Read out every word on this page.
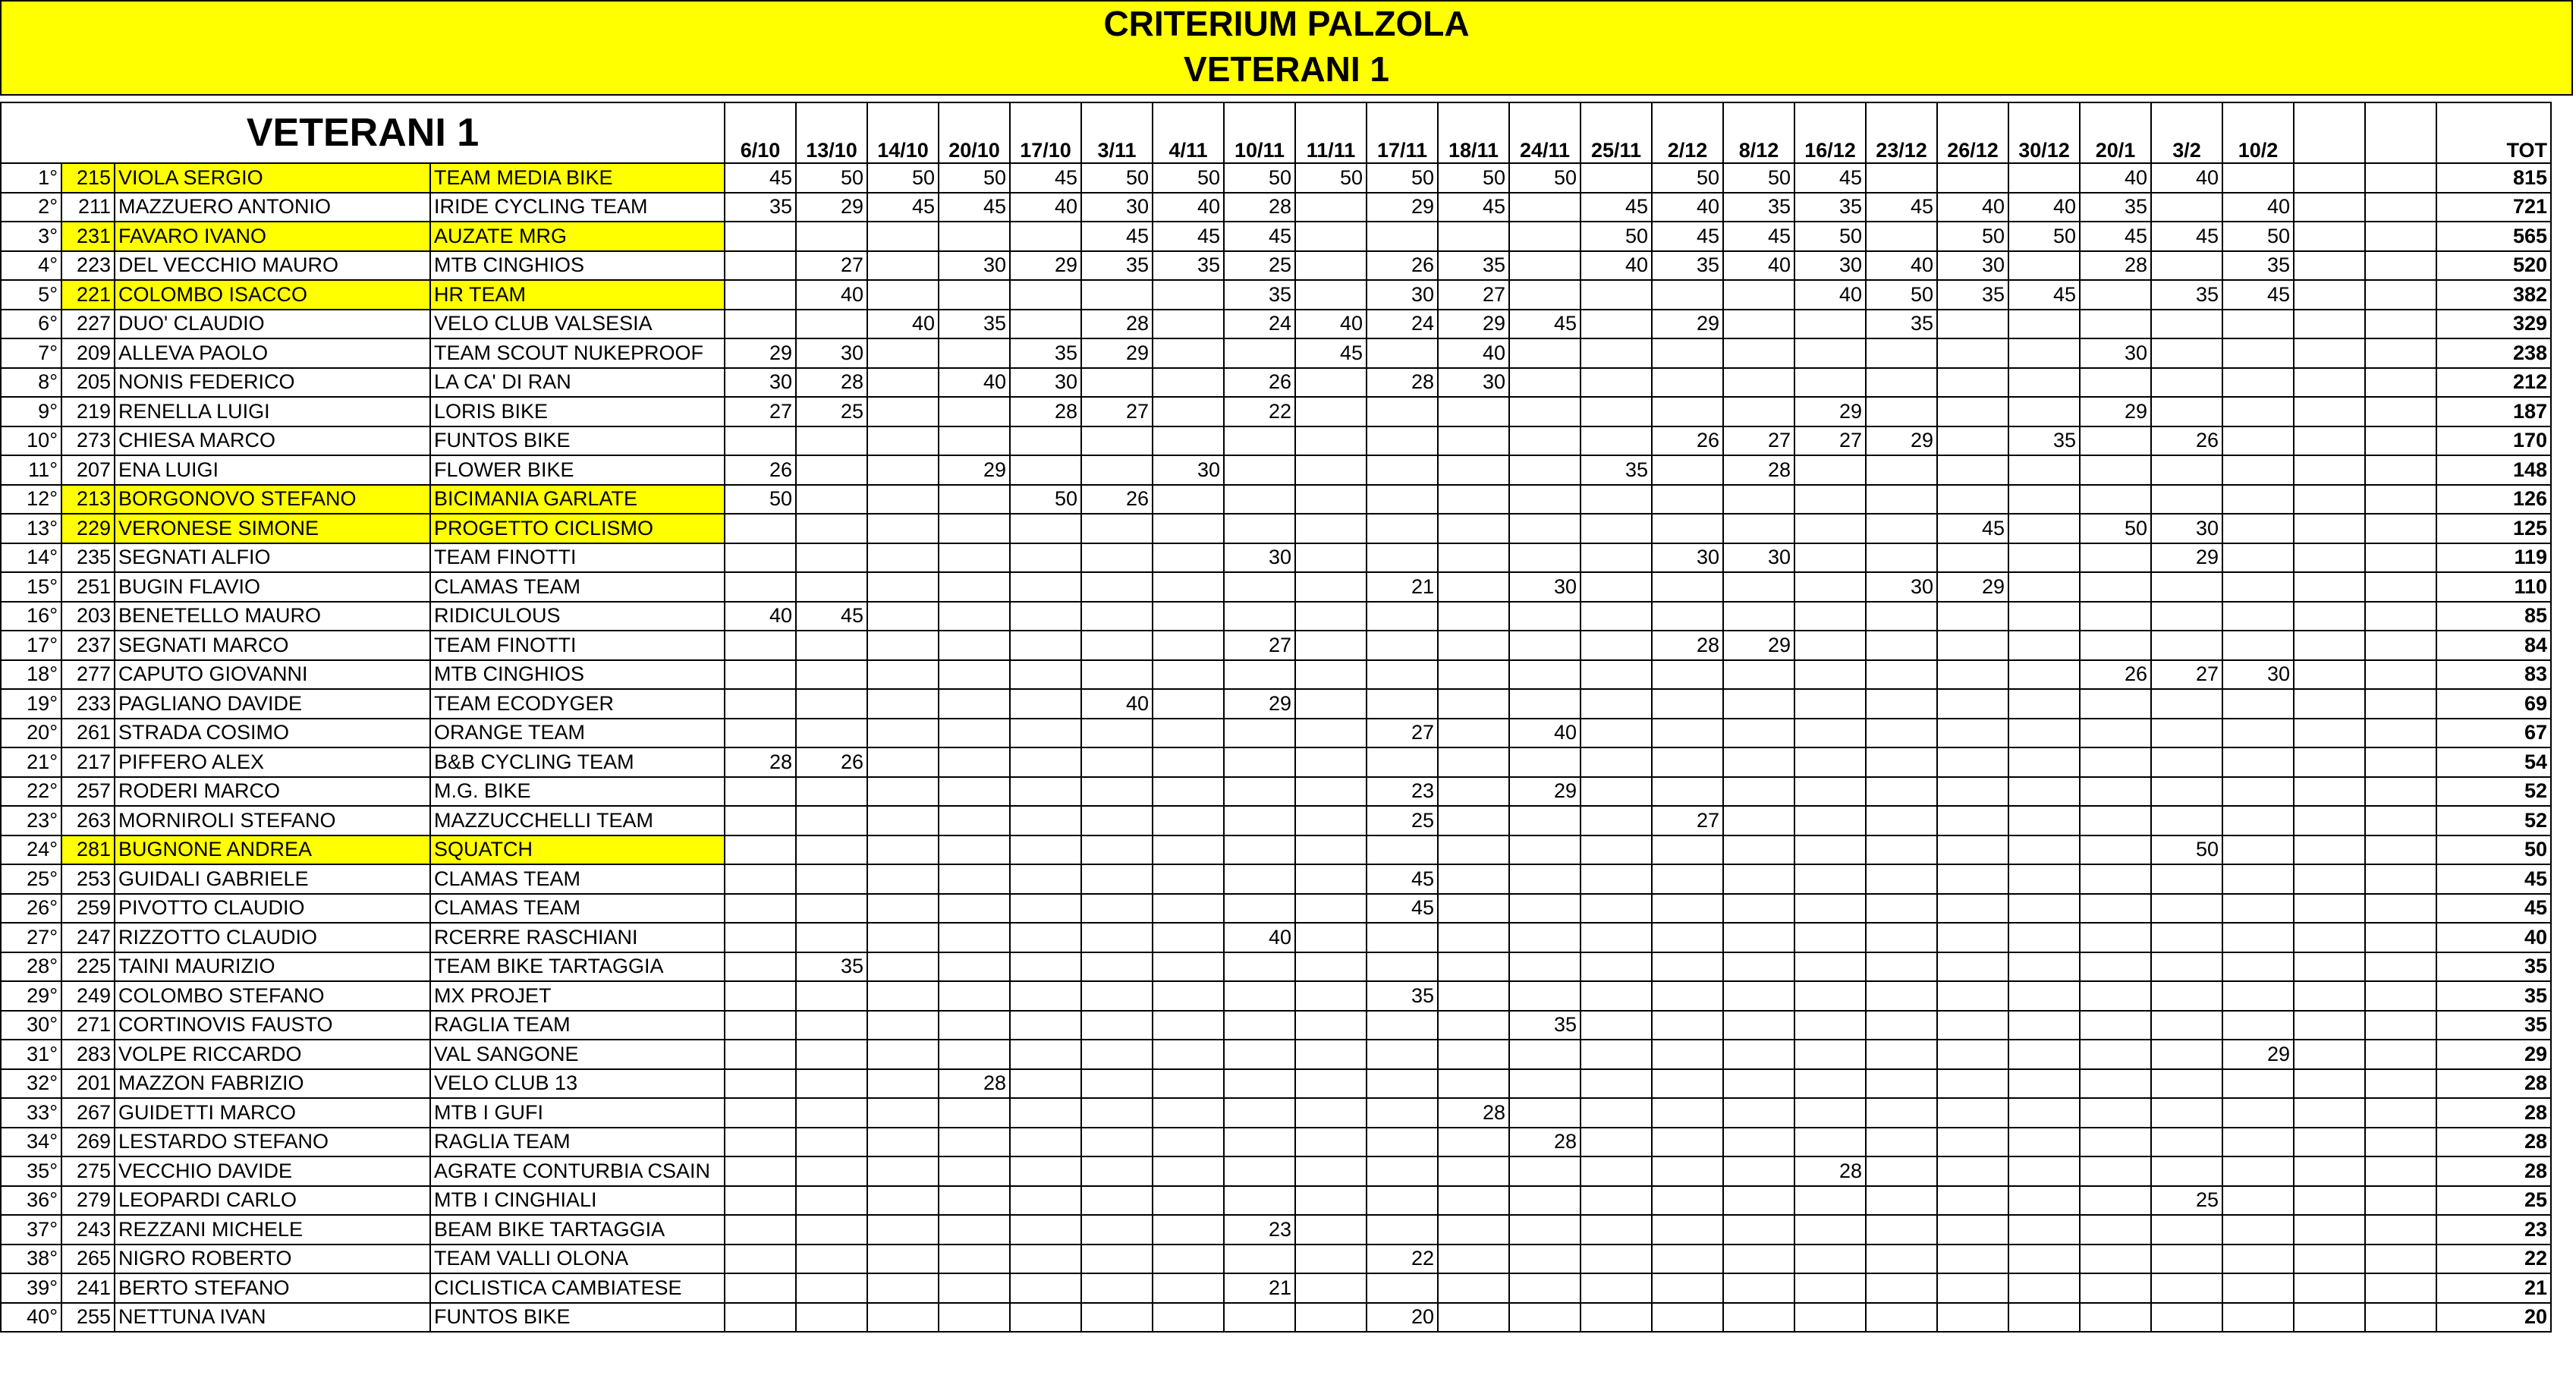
CRITERIUM PALZOLA
VETERANI 1
VETERANI 1				6/10	13/10	14/10	20/10	17/10	3/11	4/11	10/11	11/11	17/11	18/11	24/11	25/11	2/12	8/12	16/12	23/12	26/12	30/12	20/1	3/2	10/2			TOT
1°	215	VIOLA SERGIO	TEAM MEDIA BIKE	45	50	50	50	45	50	50	50	50	50	50	50		50	50	45				40	40				815
2°	211	MAZZUERO ANTONIO	IRIDE CYCLING TEAM	35	29	45	45	40	30	40	28		29	45		45	40	35	35	45	40	40	35		40			721
3°	231	FAVARO IVANO	AUZATE MRG						45	45	45					50	45	45	50		50	50	45	45	50			565
4°	223	DEL VECCHIO MAURO	MTB CINGHIOS		27		30	29	35	35	25		26	35		40	35	40	30	40	30		28		35			520
5°	221	COLOMBO ISACCO	HR TEAM		40						35		30	27					40	50	35	45		35	45			382
6°	227	DUO' CLAUDIO	VELO CLUB VALSESIA			40	35		28		24	40	24	29	45		29			35								329
7°	209	ALLEVA PAOLO	TEAM SCOUT NUKEPROOF	29	30			35	29			45		40									30					238
8°	205	NONIS FEDERICO	LA CA' DI RAN	30	28		40	30			26		28	30														212
9°	219	RENELLA LUIGI	LORIS BIKE	27	25			28	27		22								29				29					187
10°	273	CHIESA MARCO	FUNTOS BIKE														26	27	27	29		35		26				170
11°	207	ENA LUIGI	FLOWER BIKE	26			29			30						35		28										148
12°	213	BORGONOVO STEFANO	BICIMANIA GARLATE	50				50	26																			126
13°	229	VERONESE SIMONE	PROGETTO CICLISMO																		45		50	30				125
14°	235	SEGNATI ALFIO	TEAM FINOTTI								30						30	30						29				119
15°	251	BUGIN FLAVIO	CLAMAS TEAM										21		30					30	29							110
16°	203	BENETELLO MAURO	RIDICULOUS	40	45																							85
17°	237	SEGNATI MARCO	TEAM FINOTTI								27						28	29										84
18°	277	CAPUTO GIOVANNI	MTB CINGHIOS																				26	27	30			83
19°	233	PAGLIANO DAVIDE	TEAM ECODYGER						40		29																	69
20°	261	STRADA COSIMO	ORANGE TEAM										27		40													67
21°	217	PIFFERO ALEX	B&B CYCLING TEAM	28	26																							54
22°	257	RODERI MARCO	M.G. BIKE										23		29													52
23°	263	MORNIROLI STEFANO	MAZZUCCHELLI TEAM										25				27											52
24°	281	BUGNONE ANDREA	SQUATCH																					50				50
25°	253	GUIDALI GABRIELE	CLAMAS TEAM										45															45
26°	259	PIVOTTO CLAUDIO	CLAMAS TEAM										45															45
27°	247	RIZZOTTO CLAUDIO	RCERRE RASCHIANI								40																	40
28°	225	TAINI MAURIZIO	TEAM BIKE TARTAGGIA		35																							35
29°	249	COLOMBO STEFANO	MX PROJET										35															35
30°	271	CORTINOVIS FAUSTO	RAGLIA TEAM												35													35
31°	283	VOLPE RICCARDO	VAL SANGONE																						29			29
32°	201	MAZZON FABRIZIO	VELO CLUB 13				28																					28
33°	267	GUIDETTI MARCO	MTB I GUFI											28														28
34°	269	LESTARDO STEFANO	RAGLIA TEAM												28													28
35°	275	VECCHIO DAVIDE	AGRATE CONTURBIA CSAIN																28									28
36°	279	LEOPARDI CARLO	MTB I CINGHIALI																					25				25
37°	243	REZZANI MICHELE	BEAM BIKE TARTAGGIA								23																	23
38°	265	NIGRO ROBERTO	TEAM VALLI OLONA										22															22
39°	241	BERTO STEFANO	CICLISTICA CAMBIATESE								21																	21
40°	255	NETTUNA IVAN	FUNTOS BIKE										20															20
